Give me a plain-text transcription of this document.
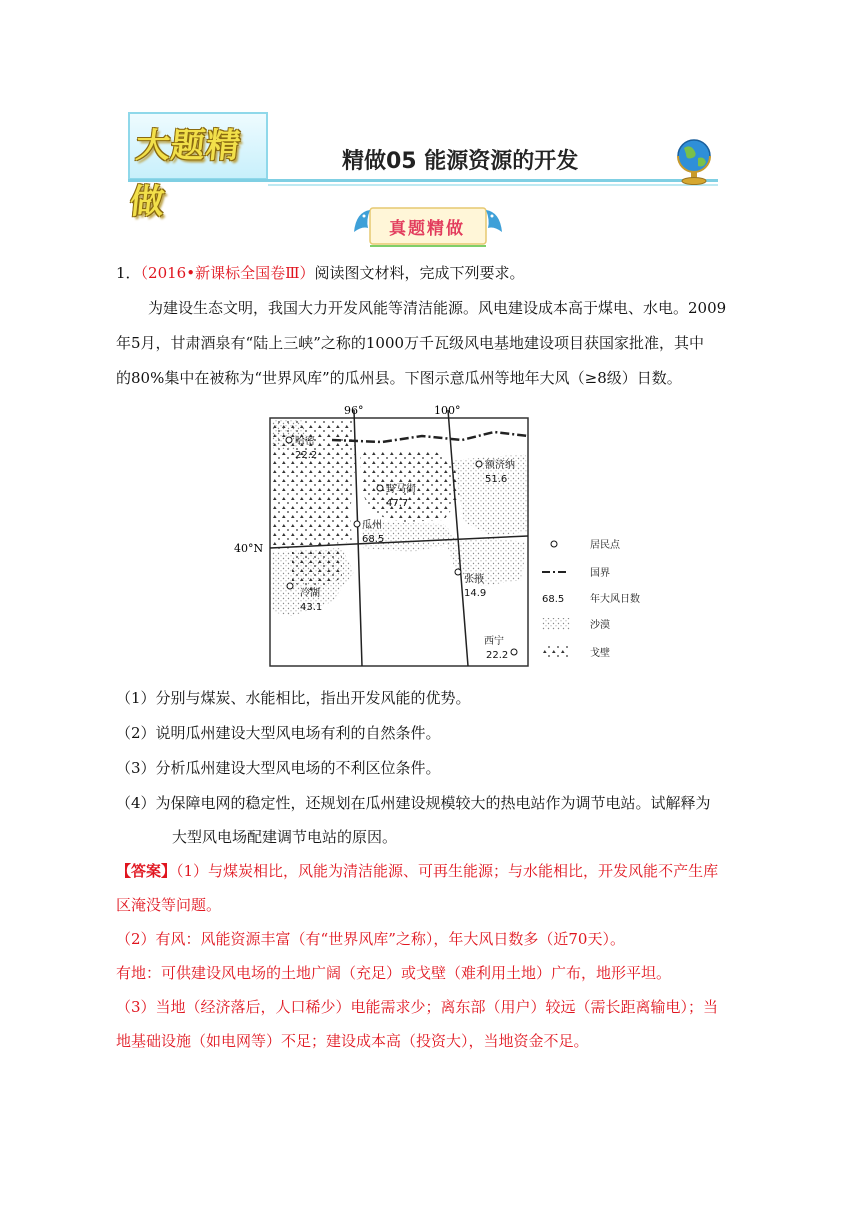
大题精做
精做05 能源资源的开发
真题精做
1．（2016•新课标全国卷Ⅲ）阅读图文材料，完成下列要求。
为建设生态文明，我国大力开发风能等清洁能源。风电建设成本高于煤电、水电。2009
年5月，甘肃酒泉有“陆上三峡”之称的1000万千瓦级风电基地建设项目获国家批准，其中
的80%集中在被称为“世界风库”的瓜州县。下图示意瓜州等地年大风（≥8级）日数。
96°	100°
40°N
哈密
22.2
野马街
47.7
额济纳
51.6
瓜州
68.5
冷湖
43.1
张掖
14.9
西宁
22.2
居民点
国界
68.5	年大风日数
沙漠
戈壁
（1）分别与煤炭、水能相比，指出开发风能的优势。
（2）说明瓜州建设大型风电场有利的自然条件。
（3）分析瓜州建设大型风电场的不利区位条件。
（4）为保障电网的稳定性，还规划在瓜州建设规模较大的热电站作为调节电站。试解释为
大型风电场配建调节电站的原因。
【答案】（1）与煤炭相比，风能为清洁能源、可再生能源；与水能相比，开发风能不产生库
区淹没等问题。
（2）有风：风能资源丰富（有“世界风库”之称），年大风日数多（近70天）。
有地：可供建设风电场的土地广阔（充足）或戈壁（难利用土地）广布，地形平坦。
（3）当地（经济落后，人口稀少）电能需求少；离东部（用户）较远（需长距离输电）；当
地基础设施（如电网等）不足；建设成本高（投资大），当地资金不足。
